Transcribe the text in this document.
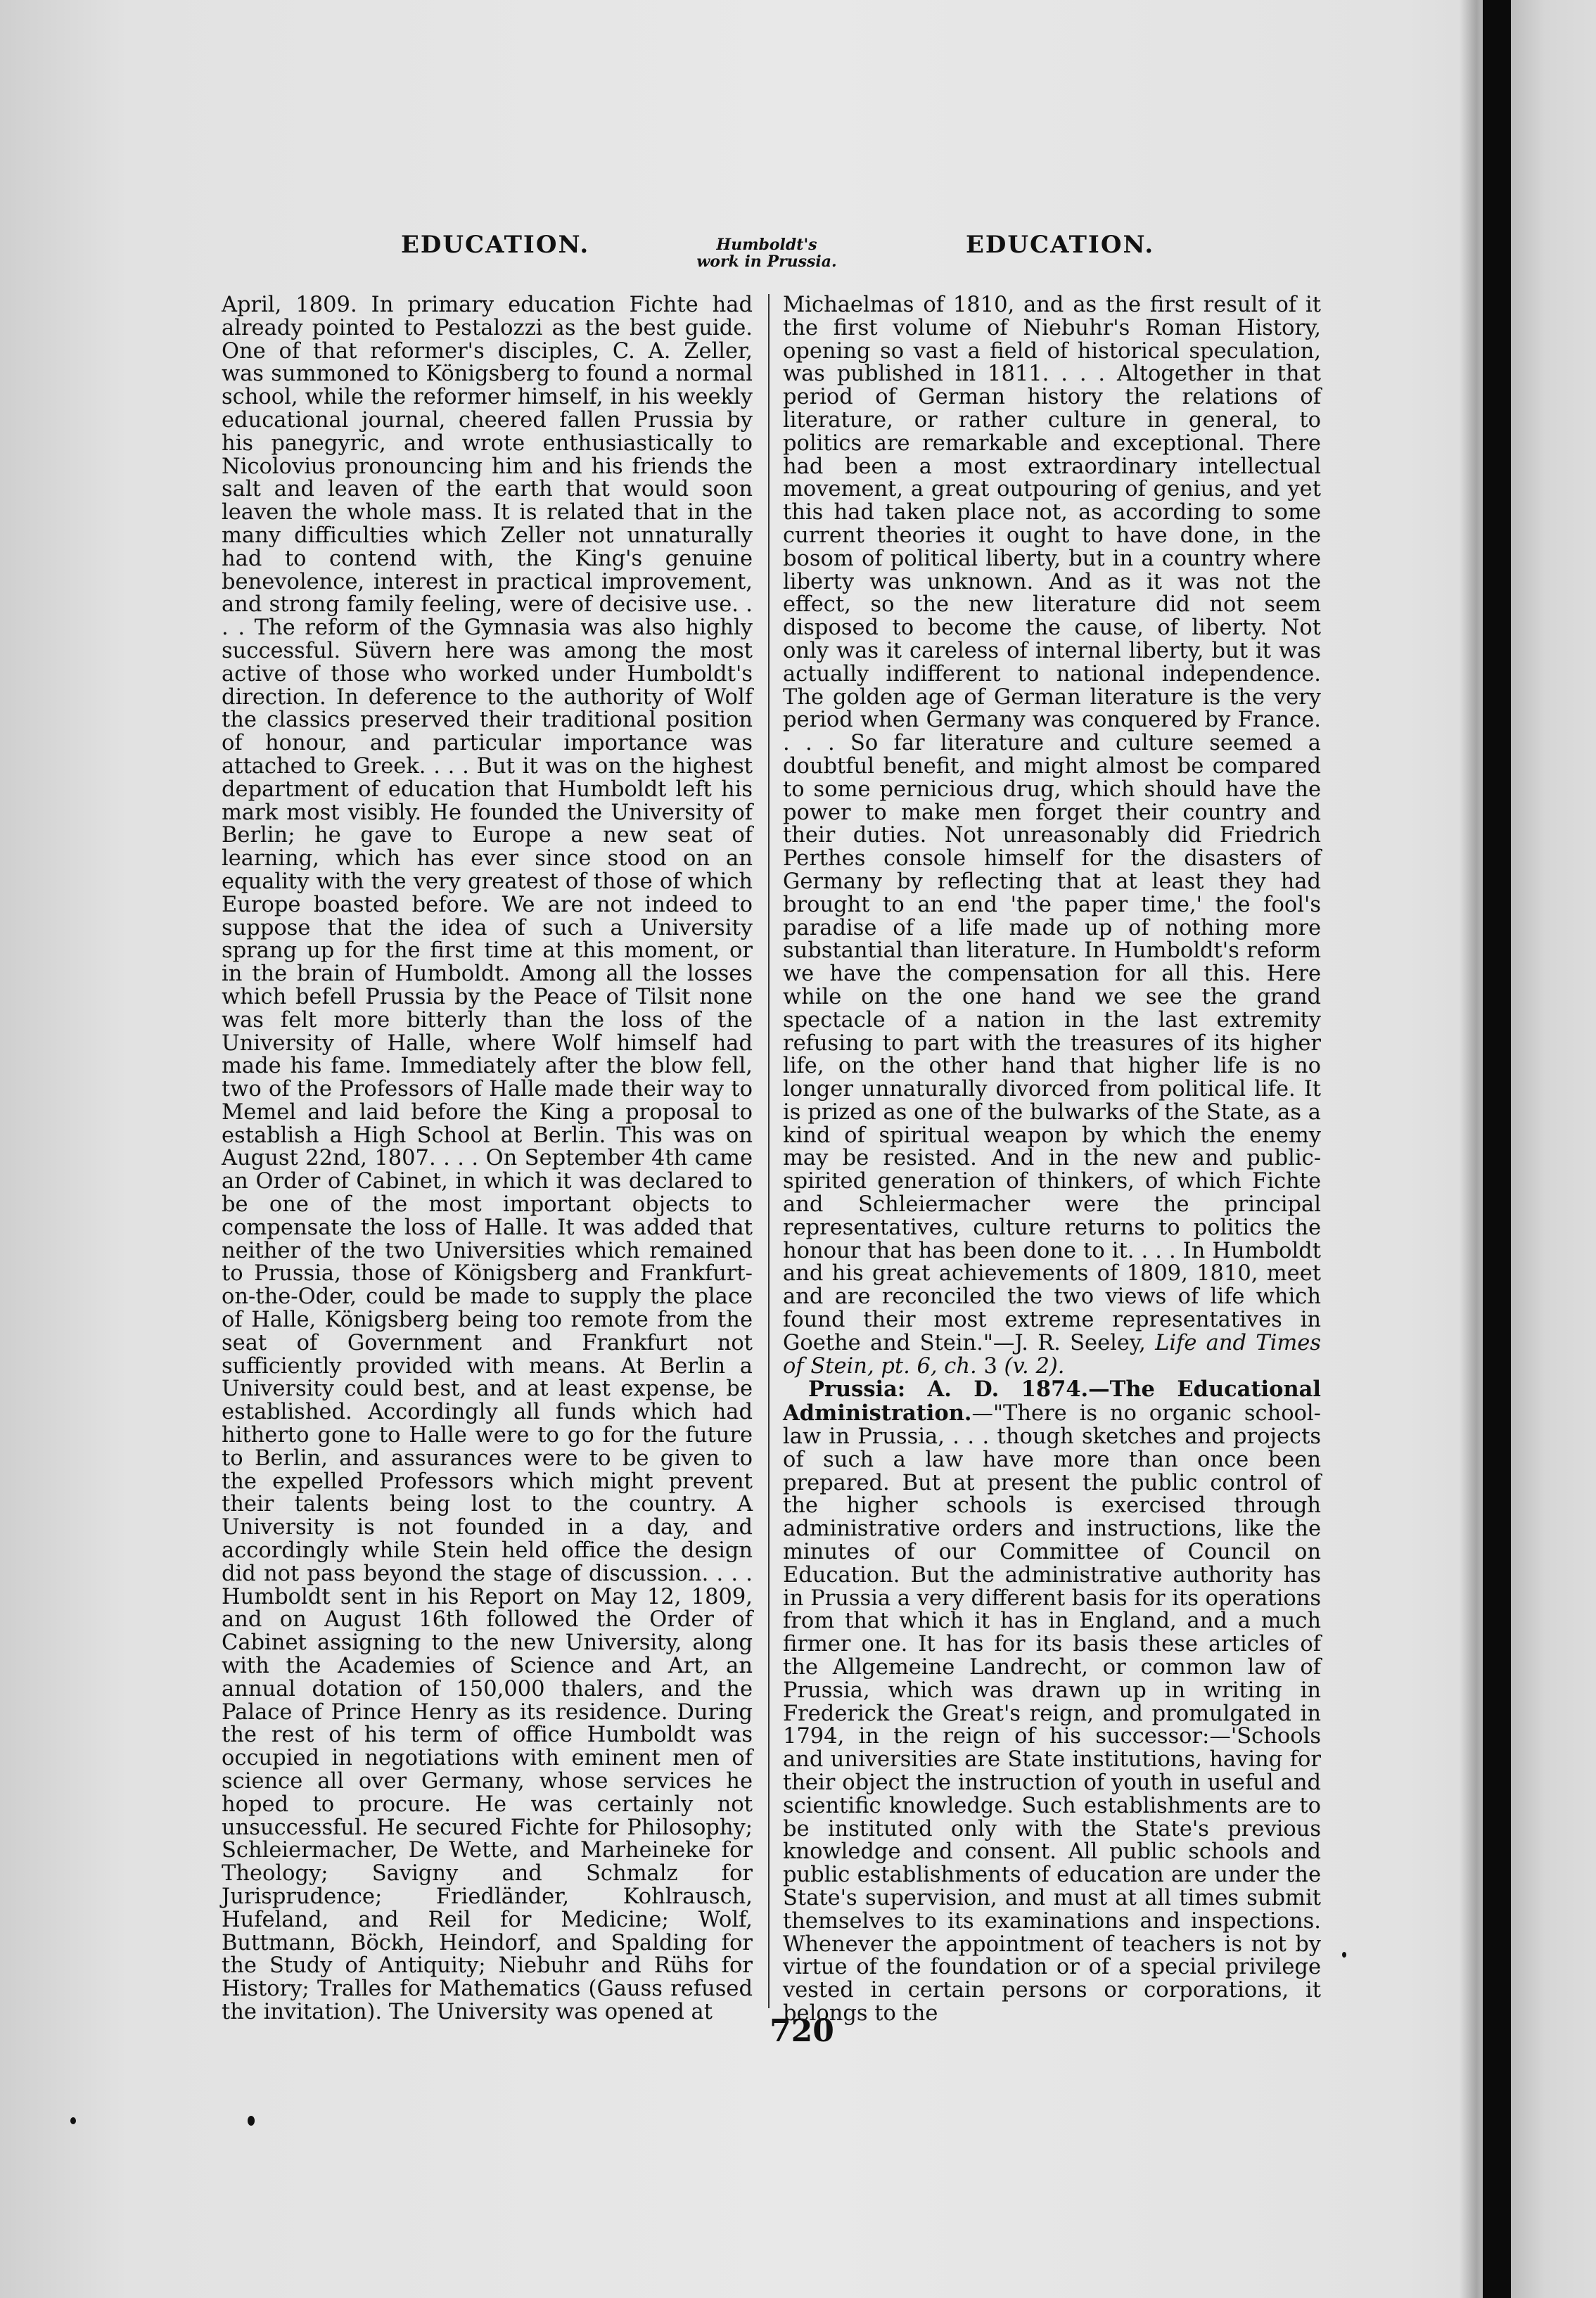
EDUCATION.	Humboldt's
work in Prussia.
EDUCATION.

April, 1809. In primary education Fichte had already pointed to Pestalozzi as the best guide. One of that reformer's disciples, C. A. Zeller, was summoned to Königsberg to found a normal school, while the reformer himself, in his weekly educational journal, cheered fallen Prussia by his panegyric, and wrote enthusiastically to Nicolovius pronouncing him and his friends the salt and leaven of the earth that would soon leaven the whole mass. It is related that in the many difficulties which Zeller not unnaturally had to contend with, the King's genuine benevolence, interest in practical improvement, and strong family feeling, were of decisive use. . . . The reform of the Gymnasia was also highly successful. Süvern here was among the most active of those who worked under Humboldt's direction. In deference to the authority of Wolf the classics preserved their traditional position of honour, and particular importance was attached to Greek. . . . But it was on the highest department of education that Humboldt left his mark most visibly. He founded the University of Berlin; he gave to Europe a new seat of learning, which has ever since stood on an equality with the very greatest of those of which Europe boasted before. We are not indeed to suppose that the idea of such a University sprang up for the first time at this moment, or in the brain of Humboldt. Among all the losses which befell Prussia by the Peace of Tilsit none was felt more bitterly than the loss of the University of Halle, where Wolf himself had made his fame. Immediately after the blow fell, two of the Professors of Halle made their way to Memel and laid before the King a proposal to establish a High School at Berlin. This was on August 22nd, 1807. . . . On September 4th came an Order of Cabinet, in which it was declared to be one of the most important objects to compensate the loss of Halle. It was added that neither of the two Universities which remained to Prussia, those of Königsberg and Frankfurt-on-the-Oder, could be made to supply the place of Halle, Königsberg being too remote from the seat of Government and Frankfurt not sufficiently provided with means. At Berlin a University could best, and at least expense, be established. Accordingly all funds which had hitherto gone to Halle were to go for the future to Berlin, and assurances were to be given to the expelled Professors which might prevent their talents being lost to the country. A University is not founded in a day, and accordingly while Stein held office the design did not pass beyond the stage of discussion. . . . Humboldt sent in his Report on May 12, 1809, and on August 16th followed the Order of Cabinet assigning to the new University, along with the Academies of Science and Art, an annual dotation of 150,000 thalers, and the Palace of Prince Henry as its residence. During the rest of his term of office Humboldt was occupied in negotiations with eminent men of science all over Germany, whose services he hoped to procure. He was certainly not unsuccessful. He secured Fichte for Philosophy; Schleiermacher, De Wette, and Marheineke for Theology; Savigny and Schmalz for Jurisprudence; Friedländer, Kohlrausch, Hufeland, and Reil for Medicine; Wolf, Buttmann, Böckh, Heindorf, and Spalding for the Study of Antiquity; Niebuhr and Rühs for History; Tralles for Mathematics (Gauss refused the invitation). The University was opened at

Michaelmas of 1810, and as the first result of it the first volume of Niebuhr's Roman History, opening so vast a field of historical speculation, was published in 1811. . . . Altogether in that period of German history the relations of literature, or rather culture in general, to politics are remarkable and exceptional. There had been a most extraordinary intellectual movement, a great outpouring of genius, and yet this had taken place not, as according to some current theories it ought to have done, in the bosom of political liberty, but in a country where liberty was unknown. And as it was not the effect, so the new literature did not seem disposed to become the cause, of liberty. Not only was it careless of internal liberty, but it was actually indifferent to national independence. The golden age of German literature is the very period when Germany was conquered by France. . . . So far literature and culture seemed a doubtful benefit, and might almost be compared to some pernicious drug, which should have the power to make men forget their country and their duties. Not unreasonably did Friedrich Perthes console himself for the disasters of Germany by reflecting that at least they had brought to an end 'the paper time,' the fool's paradise of a life made up of nothing more substantial than literature. In Humboldt's reform we have the compensation for all this. Here while on the one hand we see the grand spectacle of a nation in the last extremity refusing to part with the treasures of its higher life, on the other hand that higher life is no longer unnaturally divorced from political life. It is prized as one of the bulwarks of the State, as a kind of spiritual weapon by which the enemy may be resisted. And in the new and public-spirited generation of thinkers, of which Fichte and Schleiermacher were the principal representatives, culture returns to politics the honour that has been done to it. . . . In Humboldt and his great achievements of 1809, 1810, meet and are reconciled the two views of life which found their most extreme representatives in Goethe and Stein."—J. R. Seeley, Life and Times of Stein, pt. 6, ch. 3 (v. 2).

Prussia: A. D. 1874.—The Educational Administration.—"There is no organic school-law in Prussia, . . . though sketches and projects of such a law have more than once been prepared. But at present the public control of the higher schools is exercised through administrative orders and instructions, like the minutes of our Committee of Council on Education. But the administrative authority has in Prussia a very different basis for its operations from that which it has in England, and a much firmer one. It has for its basis these articles of the Allgemeine Landrecht, or common law of Prussia, which was drawn up in writing in Frederick the Great's reign, and promulgated in 1794, in the reign of his successor:—'Schools and universities are State institutions, having for their object the instruction of youth in useful and scientific knowledge. Such establishments are to be instituted only with the State's previous knowledge and consent. All public schools and public establishments of education are under the State's supervision, and must at all times submit themselves to its examinations and inspections. Whenever the appointment of teachers is not by virtue of the foundation or of a special privilege vested in certain persons or corporations, it belongs to the

720
